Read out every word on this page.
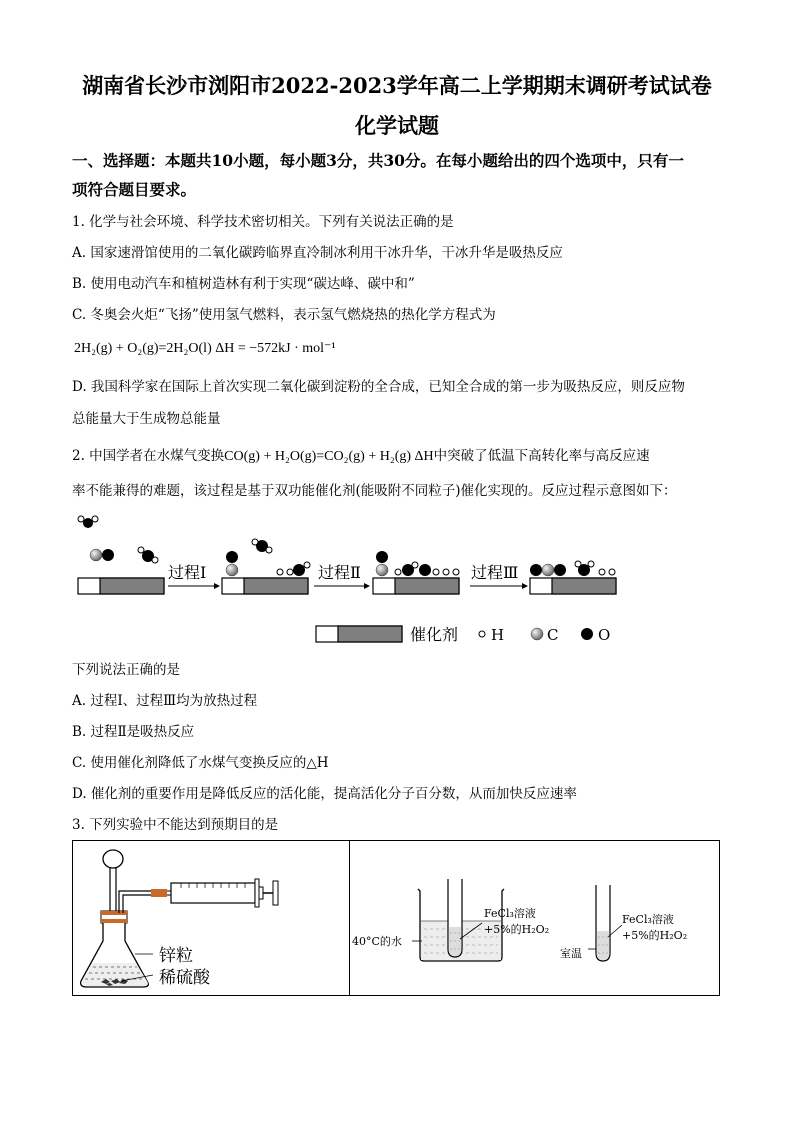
湖南省长沙市浏阳市2022-2023学年高二上学期期末调研考试试卷
化学试题
一、选择题：本题共10小题，每小题3分，共30分。在每小题给出的四个选项中，只有一
项符合题目要求。
1. 化学与社会环境、科学技术密切相关。下列有关说法正确的是
A. 国家速滑馆使用的二氧化碳跨临界直冷制冰利用干冰升华，干冰升华是吸热反应
B. 使用电动汽车和植树造林有利于实现“碳达峰、碳中和”
C. 冬奥会火炬“飞扬”使用氢气燃料，表示氢气燃烧热的热化学方程式为
2H₂(g) + O₂(g)=2H₂O(l) ΔH = −572kJ · mol⁻¹
D. 我国科学家在国际上首次实现二氧化碳到淀粉的全合成，已知全合成的第一步为吸热反应，则反应物
总能量大于生成物总能量
2. 中国学者在水煤气变换CO(g) + H₂O(g)=CO₂(g) + H₂(g) ΔH中突破了低温下高转化率与高反应速
率不能兼得的难题，该过程是基于双功能催化剂(能吸附不同粒子)催化实现的。反应过程示意图如下：
过程Ⅰ	过程Ⅱ	过程Ⅲ
催化剂 H	C	O
下列说法正确的是
A. 过程Ⅰ、过程Ⅲ均为放热过程
B. 过程Ⅱ是吸热反应
C. 使用催化剂降低了水煤气变换反应的△H
D. 催化剂的重要作用是降低反应的活化能，提高活化分子百分数，从而加快反应速率
3. 下列实验中不能达到预期目的是
锌粒
稀硫酸
40°C的水
FeCl₃溶液
+5%的H₂O₂
室温
FeCl₃溶液
+5%的H₂O₂
